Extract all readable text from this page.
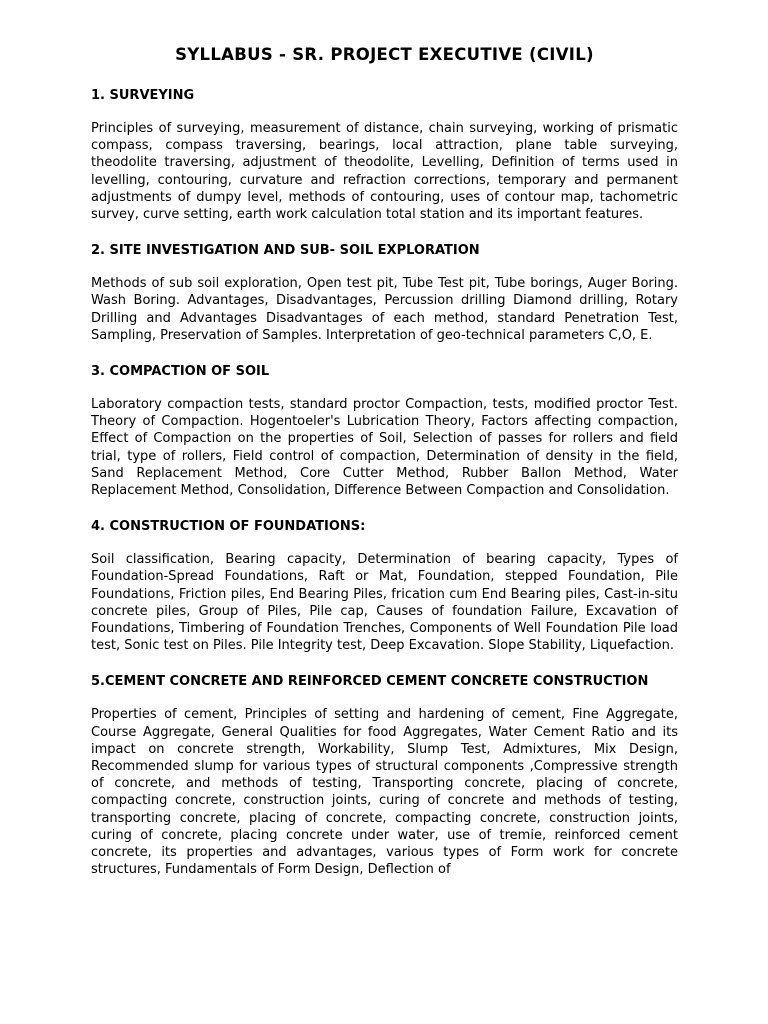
SYLLABUS - SR. PROJECT EXECUTIVE (CIVIL)
1. SURVEYING
Principles of surveying, measurement of distance, chain surveying, working of prismatic compass, compass traversing, bearings, local attraction, plane table surveying, theodolite traversing, adjustment of theodolite, Levelling, Definition of terms used in levelling, contouring, curvature and refraction corrections, temporary and permanent adjustments of dumpy level, methods of contouring, uses of contour map, tachometric survey, curve setting, earth work calculation total station and its important features.
2. SITE INVESTIGATION AND SUB- SOIL EXPLORATION
Methods of sub soil exploration, Open test pit, Tube Test pit, Tube borings, Auger Boring. Wash Boring. Advantages, Disadvantages, Percussion drilling Diamond drilling, Rotary Drilling and Advantages Disadvantages of each method, standard Penetration Test, Sampling, Preservation of Samples. Interpretation of geo-technical parameters C,O, E.
3. COMPACTION OF SOIL
Laboratory compaction tests, standard proctor Compaction, tests, modified proctor Test. Theory of Compaction. Hogentoeler's Lubrication Theory, Factors affecting compaction, Effect of Compaction on the properties of Soil, Selection of passes for rollers and field trial, type of rollers, Field control of compaction, Determination of density in the field, Sand Replacement Method, Core Cutter Method, Rubber Ballon Method, Water Replacement Method, Consolidation, Difference Between Compaction and Consolidation.
4. CONSTRUCTION OF FOUNDATIONS:
Soil classification, Bearing capacity, Determination of bearing capacity, Types of Foundation-Spread Foundations, Raft or Mat, Foundation, stepped Foundation, Pile Foundations, Friction piles, End Bearing Piles, frication cum End Bearing piles, Cast-in-situ concrete piles, Group of Piles, Pile cap, Causes of foundation Failure, Excavation of Foundations, Timbering of Foundation Trenches, Components of Well Foundation Pile load test, Sonic test on Piles. Pile Integrity test, Deep Excavation. Slope Stability, Liquefaction.
5.CEMENT CONCRETE AND REINFORCED CEMENT CONCRETE CONSTRUCTION
Properties of cement, Principles of setting and hardening of cement, Fine Aggregate, Course Aggregate, General Qualities for food Aggregates, Water Cement Ratio and its impact on concrete strength, Workability, Slump Test, Admixtures, Mix Design, Recommended slump for various types of structural components ,Compressive strength of concrete, and methods of testing, Transporting concrete, placing of concrete, compacting concrete, construction joints, curing of concrete and methods of testing, transporting concrete, placing of concrete, compacting concrete, construction joints, curing of concrete, placing concrete under water, use of tremie, reinforced cement concrete, its properties and advantages, various types of Form work for concrete structures, Fundamentals of Form Design, Deflection of
